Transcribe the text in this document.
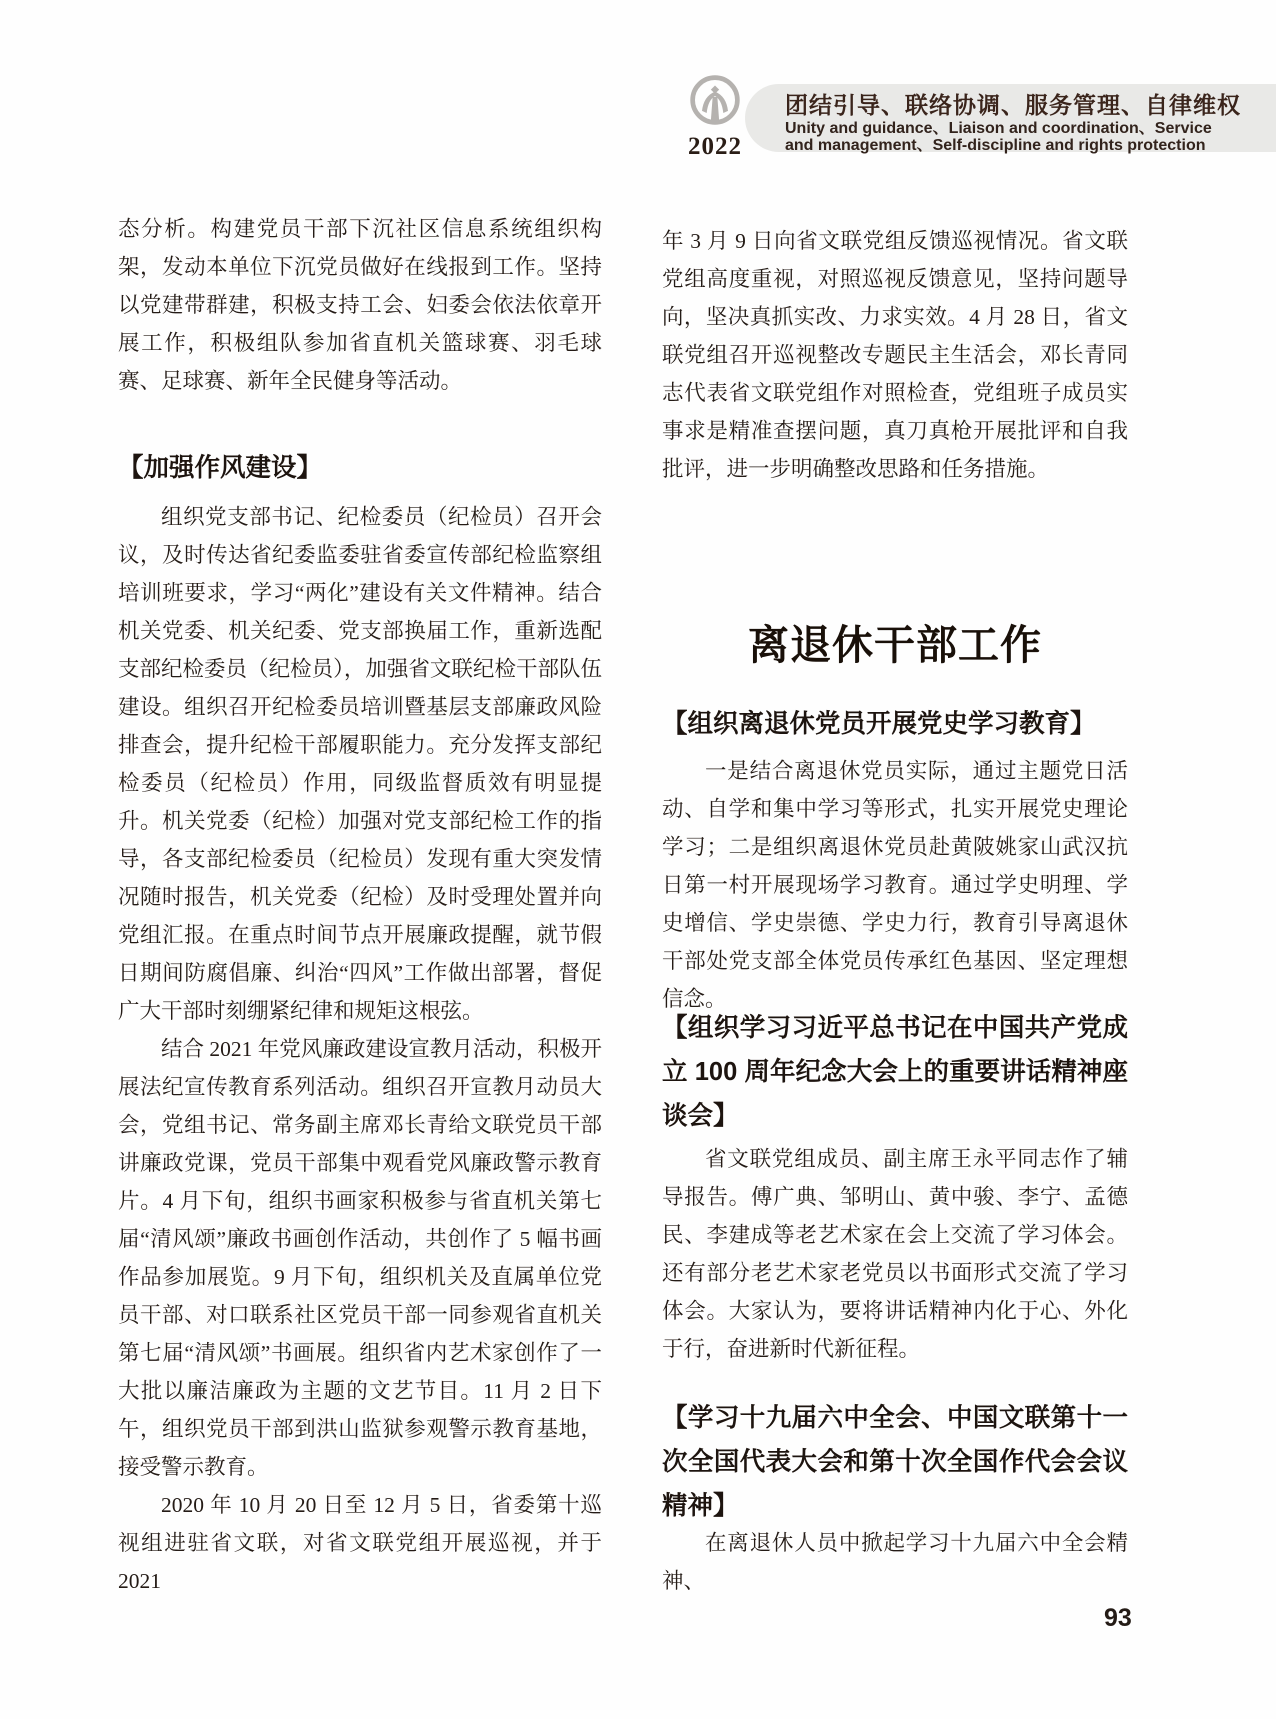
2022
团结引导、联络协调、服务管理、自律维权
Unity and guidance、Liaison and coordination、Service
and management、Self-discipline and rights protection

态分析。构建党员干部下沉社区信息系统组织构架，发动本单位下沉党员做好在线报到工作。坚持以党建带群建，积极支持工会、妇委会依法依章开展工作，积极组队参加省直机关篮球赛、羽毛球赛、足球赛、新年全民健身等活动。

【加强作风建设】

组织党支部书记、纪检委员（纪检员）召开会议，及时传达省纪委监委驻省委宣传部纪检监察组培训班要求，学习“两化”建设有关文件精神。结合机关党委、机关纪委、党支部换届工作，重新选配支部纪检委员（纪检员），加强省文联纪检干部队伍建设。组织召开纪检委员培训暨基层支部廉政风险排查会，提升纪检干部履职能力。充分发挥支部纪检委员（纪检员）作用，同级监督质效有明显提升。机关党委（纪检）加强对党支部纪检工作的指导，各支部纪检委员（纪检员）发现有重大突发情况随时报告，机关党委（纪检）及时受理处置并向党组汇报。在重点时间节点开展廉政提醒，就节假日期间防腐倡廉、纠治“四风”工作做出部署，督促广大干部时刻绷紧纪律和规矩这根弦。

结合 2021 年党风廉政建设宣教月活动，积极开展法纪宣传教育系列活动。组织召开宣教月动员大会，党组书记、常务副主席邓长青给文联党员干部讲廉政党课，党员干部集中观看党风廉政警示教育片。4 月下旬，组织书画家积极参与省直机关第七届“清风颂”廉政书画创作活动，共创作了 5 幅书画作品参加展览。9 月下旬，组织机关及直属单位党员干部、对口联系社区党员干部一同参观省直机关第七届“清风颂”书画展。组织省内艺术家创作了一大批以廉洁廉政为主题的文艺节目。11 月 2 日下午，组织党员干部到洪山监狱参观警示教育基地，接受警示教育。

2020 年 10 月 20 日至 12 月 5 日，省委第十巡视组进驻省文联，对省文联党组开展巡视，并于 2021

年 3 月 9 日向省文联党组反馈巡视情况。省文联党组高度重视，对照巡视反馈意见，坚持问题导向，坚决真抓实改、力求实效。4 月 28 日，省文联党组召开巡视整改专题民主生活会，邓长青同志代表省文联党组作对照检查，党组班子成员实事求是精准查摆问题，真刀真枪开展批评和自我批评，进一步明确整改思路和任务措施。

离退休干部工作
【组织离退休党员开展党史学习教育】

一是结合离退休党员实际，通过主题党日活动、自学和集中学习等形式，扎实开展党史理论学习；二是组织离退休党员赴黄陂姚家山武汉抗日第一村开展现场学习教育。通过学史明理、学史增信、学史崇德、学史力行，教育引导离退休干部处党支部全体党员传承红色基因、坚定理想信念。

【组织学习习近平总书记在中国共产党成立 100 周年纪念大会上的重要讲话精神座谈会】

省文联党组成员、副主席王永平同志作了辅导报告。傅广典、邹明山、黄中骏、李宁、孟德民、李建成等老艺术家在会上交流了学习体会。还有部分老艺术家老党员以书面形式交流了学习体会。大家认为，要将讲话精神内化于心、外化于行，奋进新时代新征程。

【学习十九届六中全会、中国文联第十一次全国代表大会和第十次全国作代会会议精神】

在离退休人员中掀起学习十九届六中全会精神、

93
